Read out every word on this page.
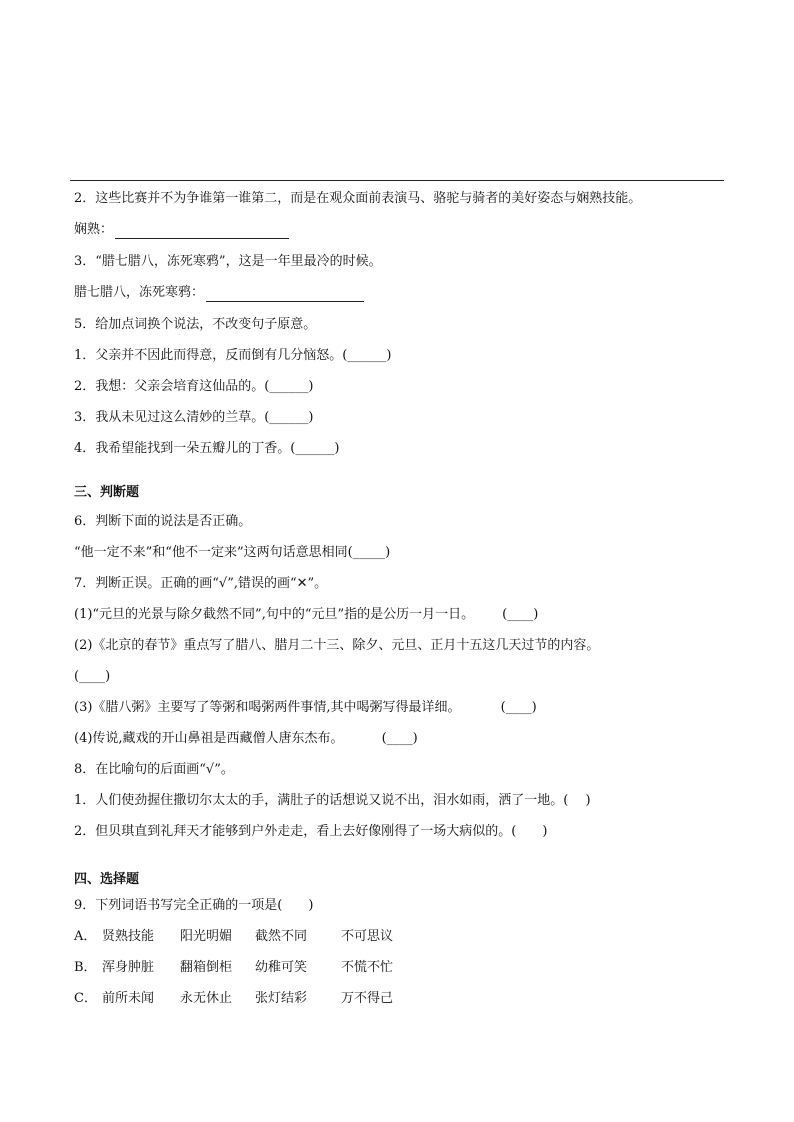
2．这些比赛并不为争谁第一谁第二，而是在观众面前表演马、骆驼与骑者的美好姿态与娴熟技能。
娴熟：
3．“腊七腊八，冻死寒鸦”，这是一年里最冷的时候。
腊七腊八，冻死寒鸦：
5．给加点词换个说法，不改变句子原意。
1．父亲并不因此而得意，反而倒有几分恼怒。(______)
2．我想：父亲会培育这仙品的。(______)
3．我从未见过这么清妙的兰草。(______)
4．我希望能找到一朵五瓣儿的丁香。(______)
三、判断题
6．判断下面的说法是否正确。
“他一定不来”和“他不一定来”这两句话意思相同(_____)
7．判断正误。正确的画“√”,错误的画“✕”。
(1)“元旦的光景与除夕截然不同”,句中的“元旦”指的是公历一月一日。 (____)
(2)《北京的春节》重点写了腊八、腊月二十三、除夕、元旦、正月十五这几天过节的内容。
(____)
(3)《腊八粥》主要写了等粥和喝粥两件事情,其中喝粥写得最详细。	(____)
(4)传说,藏戏的开山鼻祖是西藏僧人唐东杰布。	(____)
8．在比喻句的后面画“√”。
1．人们使劲握住撒切尔太太的手，满肚子的话想说又说不出，泪水如雨，洒了一地。(　 )
2．但贝琪直到礼拜天才能够到户外走走，看上去好像刚得了一场大病似的。(　　)
四、选择题
9．下列词语书写完全正确的一项是(　　)
A． 贤熟技能 阳光明媚 截然不同	不可思议
B． 浑身肿脏 翻箱倒柜 幼稚可笑	不慌不忙
C． 前所未闻 永无休止 张灯结彩	万不得己
